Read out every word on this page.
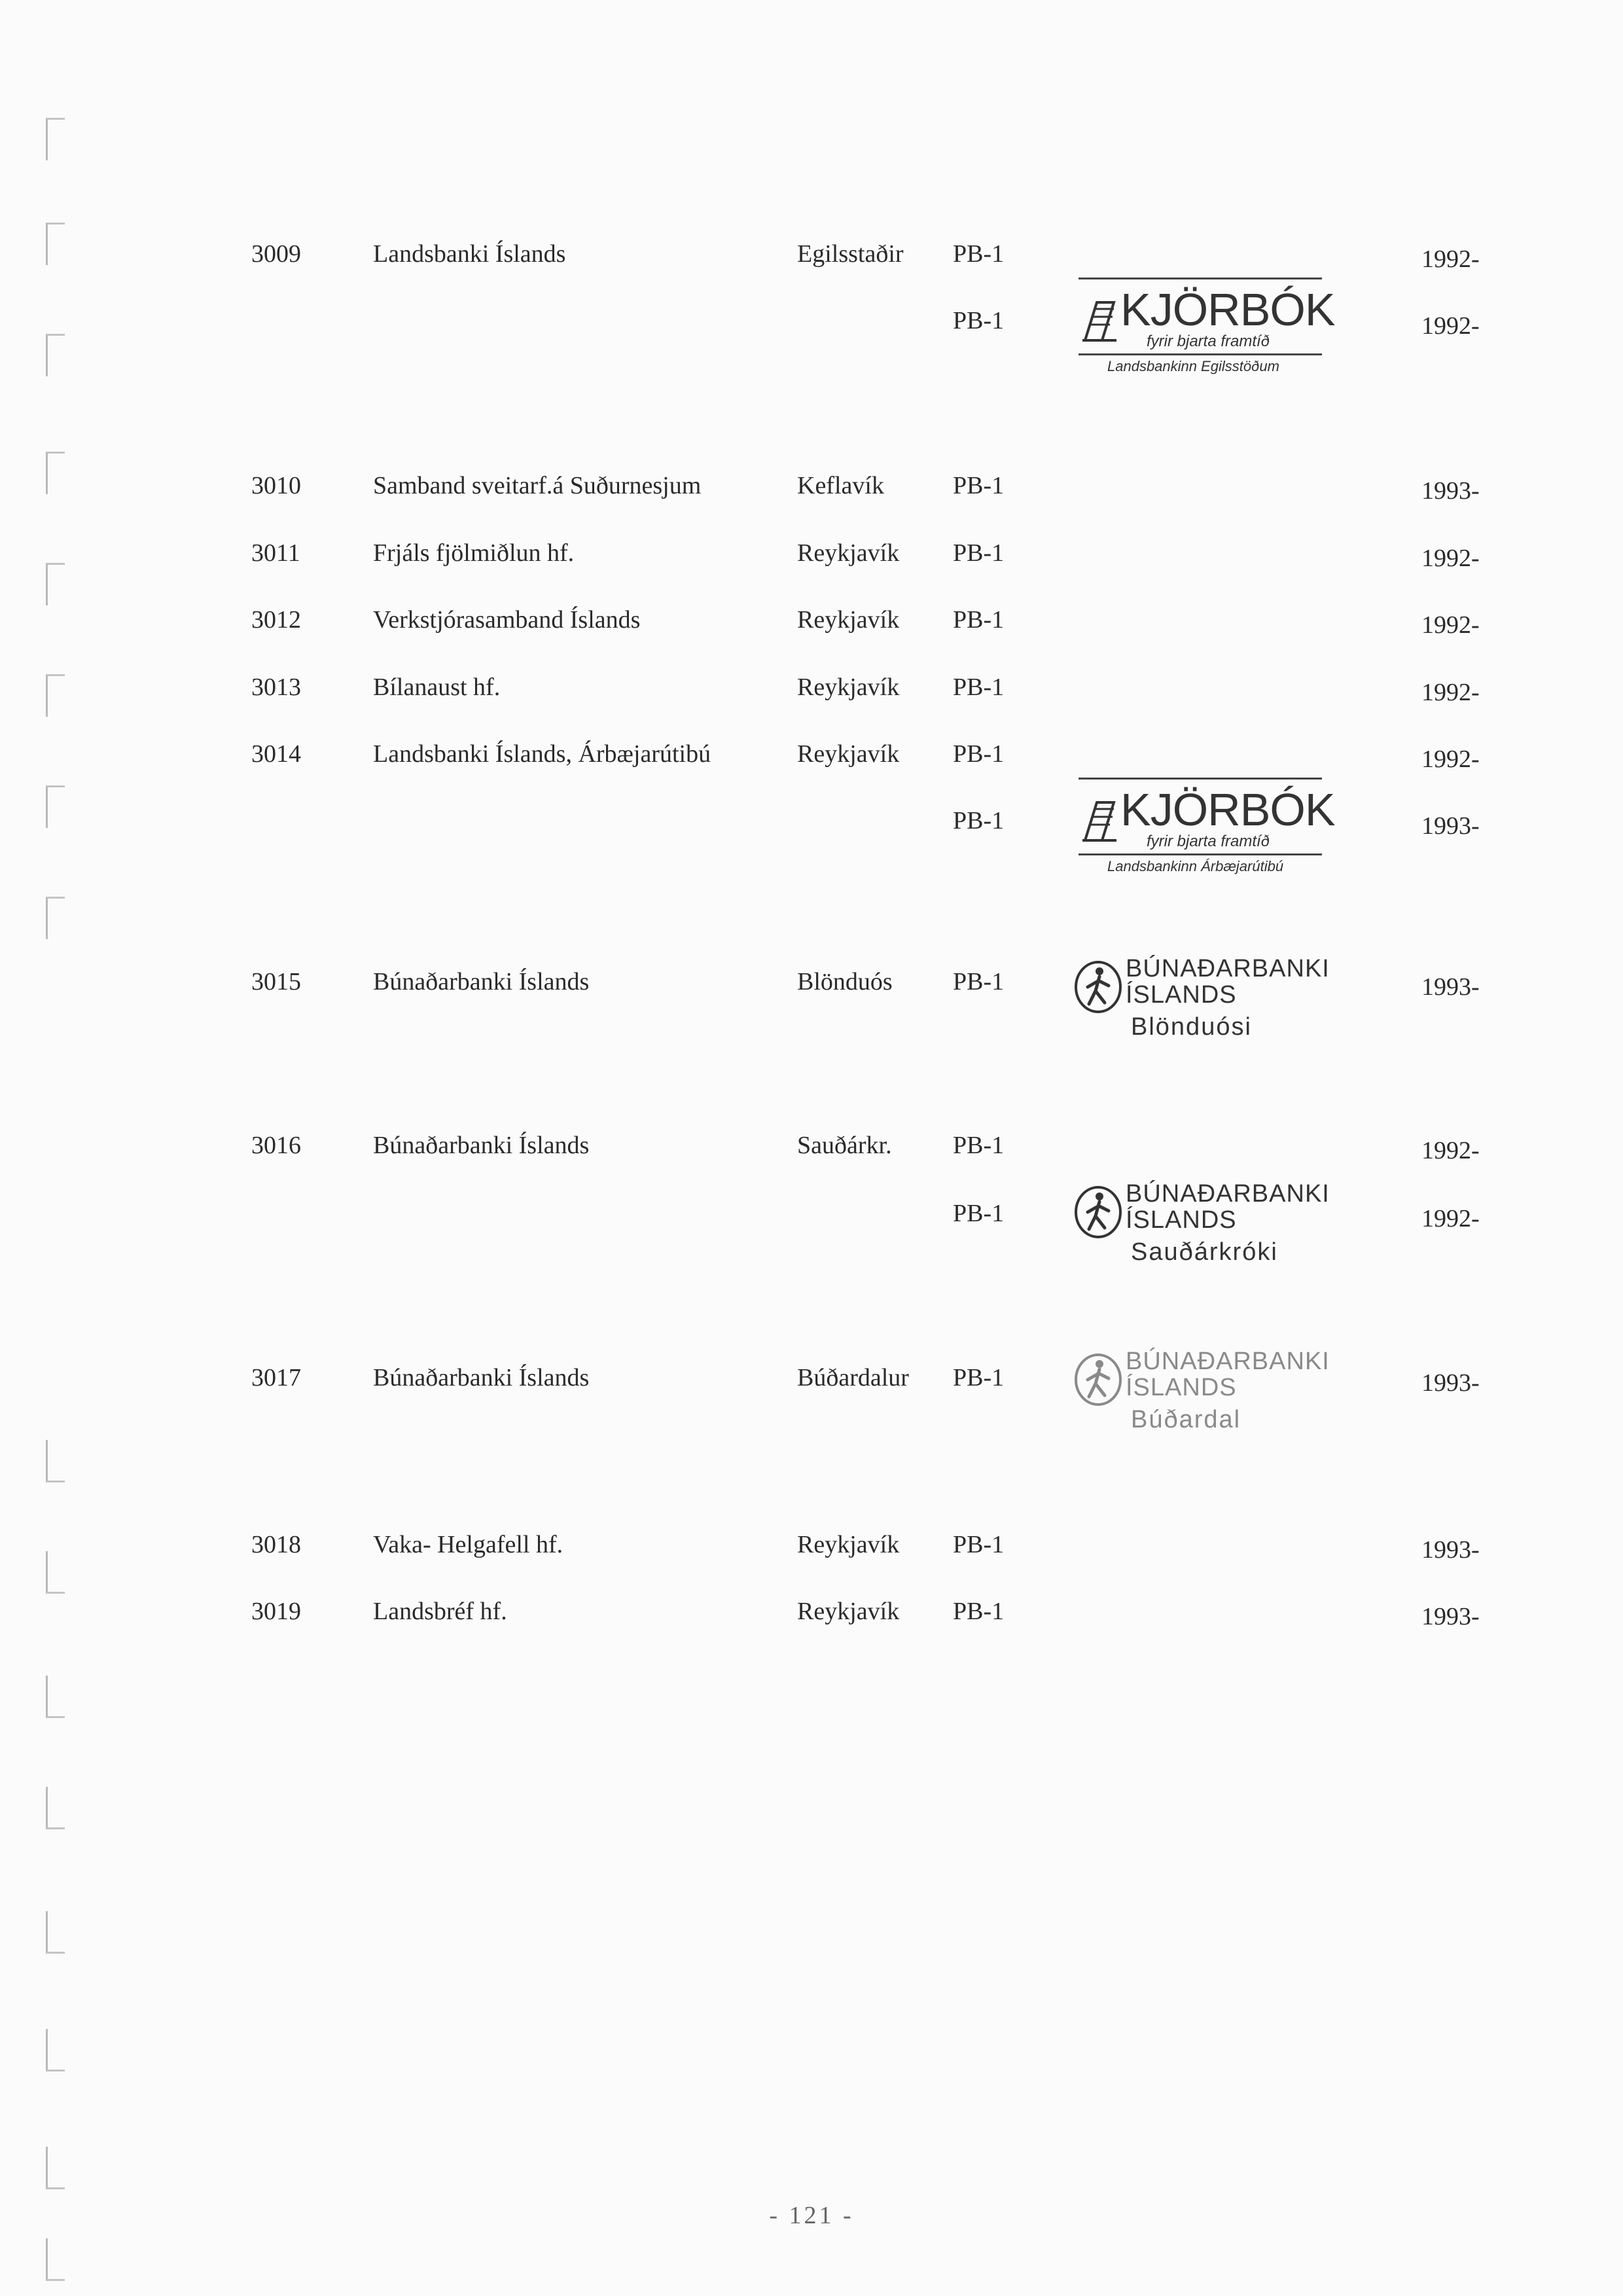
3009	Landsbanki Íslands	Egilsstaðir PB-1	1992-
PB-1	1992-
KJÖRBÓK
fyrir bjarta framtíð
Landsbankinn Egilsstöðum
3010	Samband sveitarf.á Suðurnesjum	Keflavík	PB-1	1993-
3011	Frjáls fjölmiðlun hf.	Reykjavík PB-1	1992-
3012	Verkstjórasamband Íslands	Reykjavík PB-1	1992-
3013	Bílanaust hf.	Reykjavík PB-1	1992-
3014	Landsbanki Íslands, Árbæjarútibú	Reykjavík PB-1	1992-
PB-1	1993-
KJÖRBÓK
fyrir bjarta framtíð
Landsbankinn Árbæjarútibú
3015	Búnaðarbanki Íslands	Blönduós PB-1	1993-
BÚNAÐARBANKI
ÍSLANDS
Blönduósi
3016	Búnaðarbanki Íslands	Sauðárkr. PB-1	1992-
PB-1	1992-
BÚNAÐARBANKI
ÍSLANDS
Sauðárkróki
3017	Búnaðarbanki Íslands	Búðardalur PB-1	1993-
BÚNAÐARBANKI
ÍSLANDS
Búðardal
3018	Vaka- Helgafell hf.	Reykjavík PB-1	1993-
3019	Landsbréf hf.	Reykjavík PB-1	1993-
- 121 -
